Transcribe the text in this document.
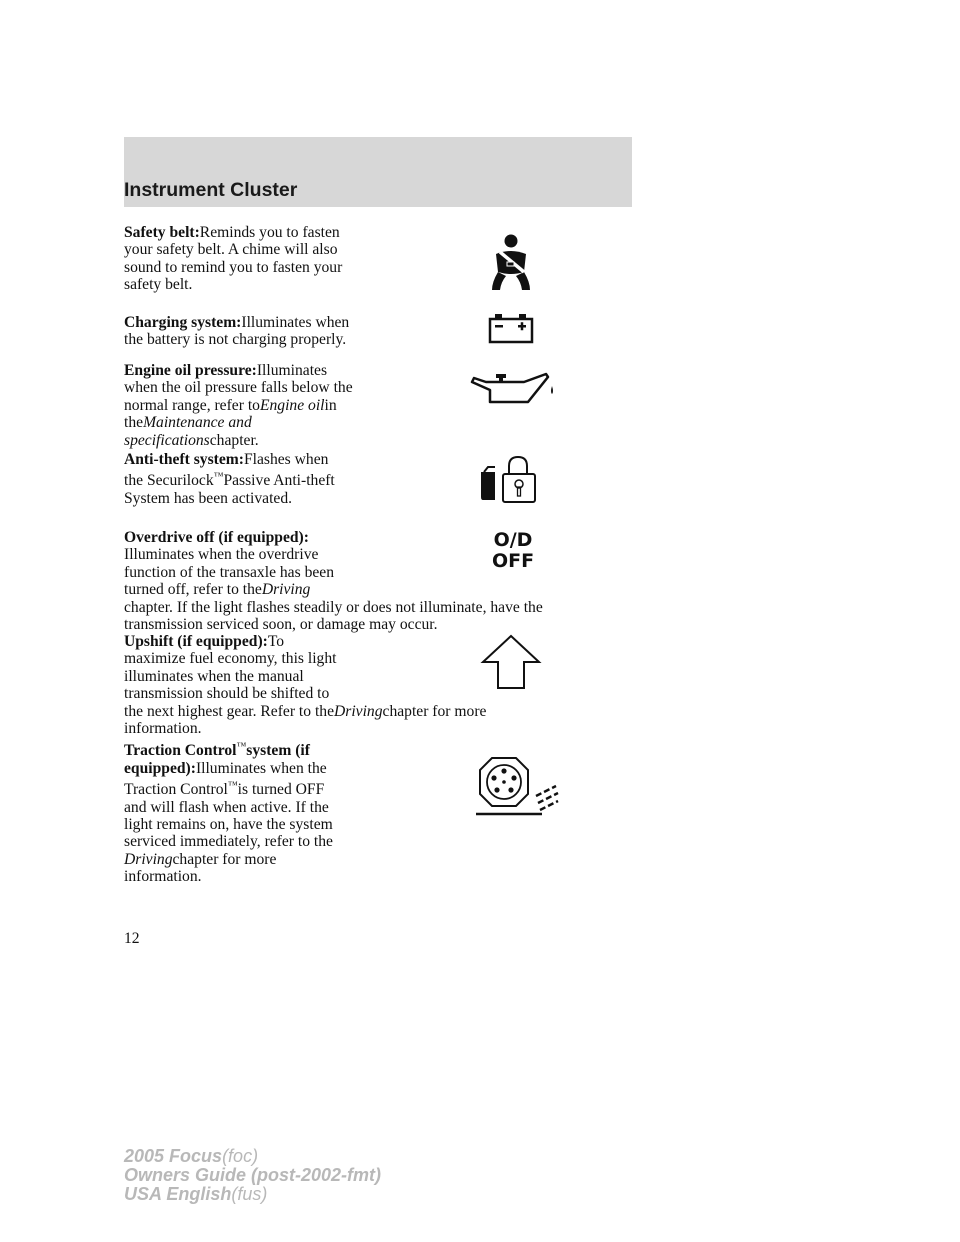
Instrument Cluster
Safety belt:Reminds you to fasten
your safety belt. A chime will also
sound to remind you to fasten your
safety belt.
Charging system:Illuminates when
the battery is not charging properly.
Engine oil pressure:Illuminates
when the oil pressure falls below the
normal range, refer toEngine oilin
theMaintenance and
specificationschapter.
Anti-theft system:Flashes when
the Securilock™Passive Anti-theft
System has been activated.
Overdrive off (if equipped):
Illuminates when the overdrive
function of the transaxle has been
turned off, refer to theDriving
chapter. If the light flashes steadily or does not illuminate, have the
transmission serviced soon, or damage may occur.
O/D
OFF
Upshift (if equipped):To
maximize fuel economy, this light
illuminates when the manual
transmission should be shifted to
the next highest gear. Refer to theDrivingchapter for more
information.
Traction Control™system (if
equipped):Illuminates when the
Traction Control™is turned OFF
and will flash when active. If the
light remains on, have the system
serviced immediately, refer to the
Drivingchapter for more
information.
12
2005 Focus(foc)
Owners Guide (post-2002-fmt)
USA English(fus)
